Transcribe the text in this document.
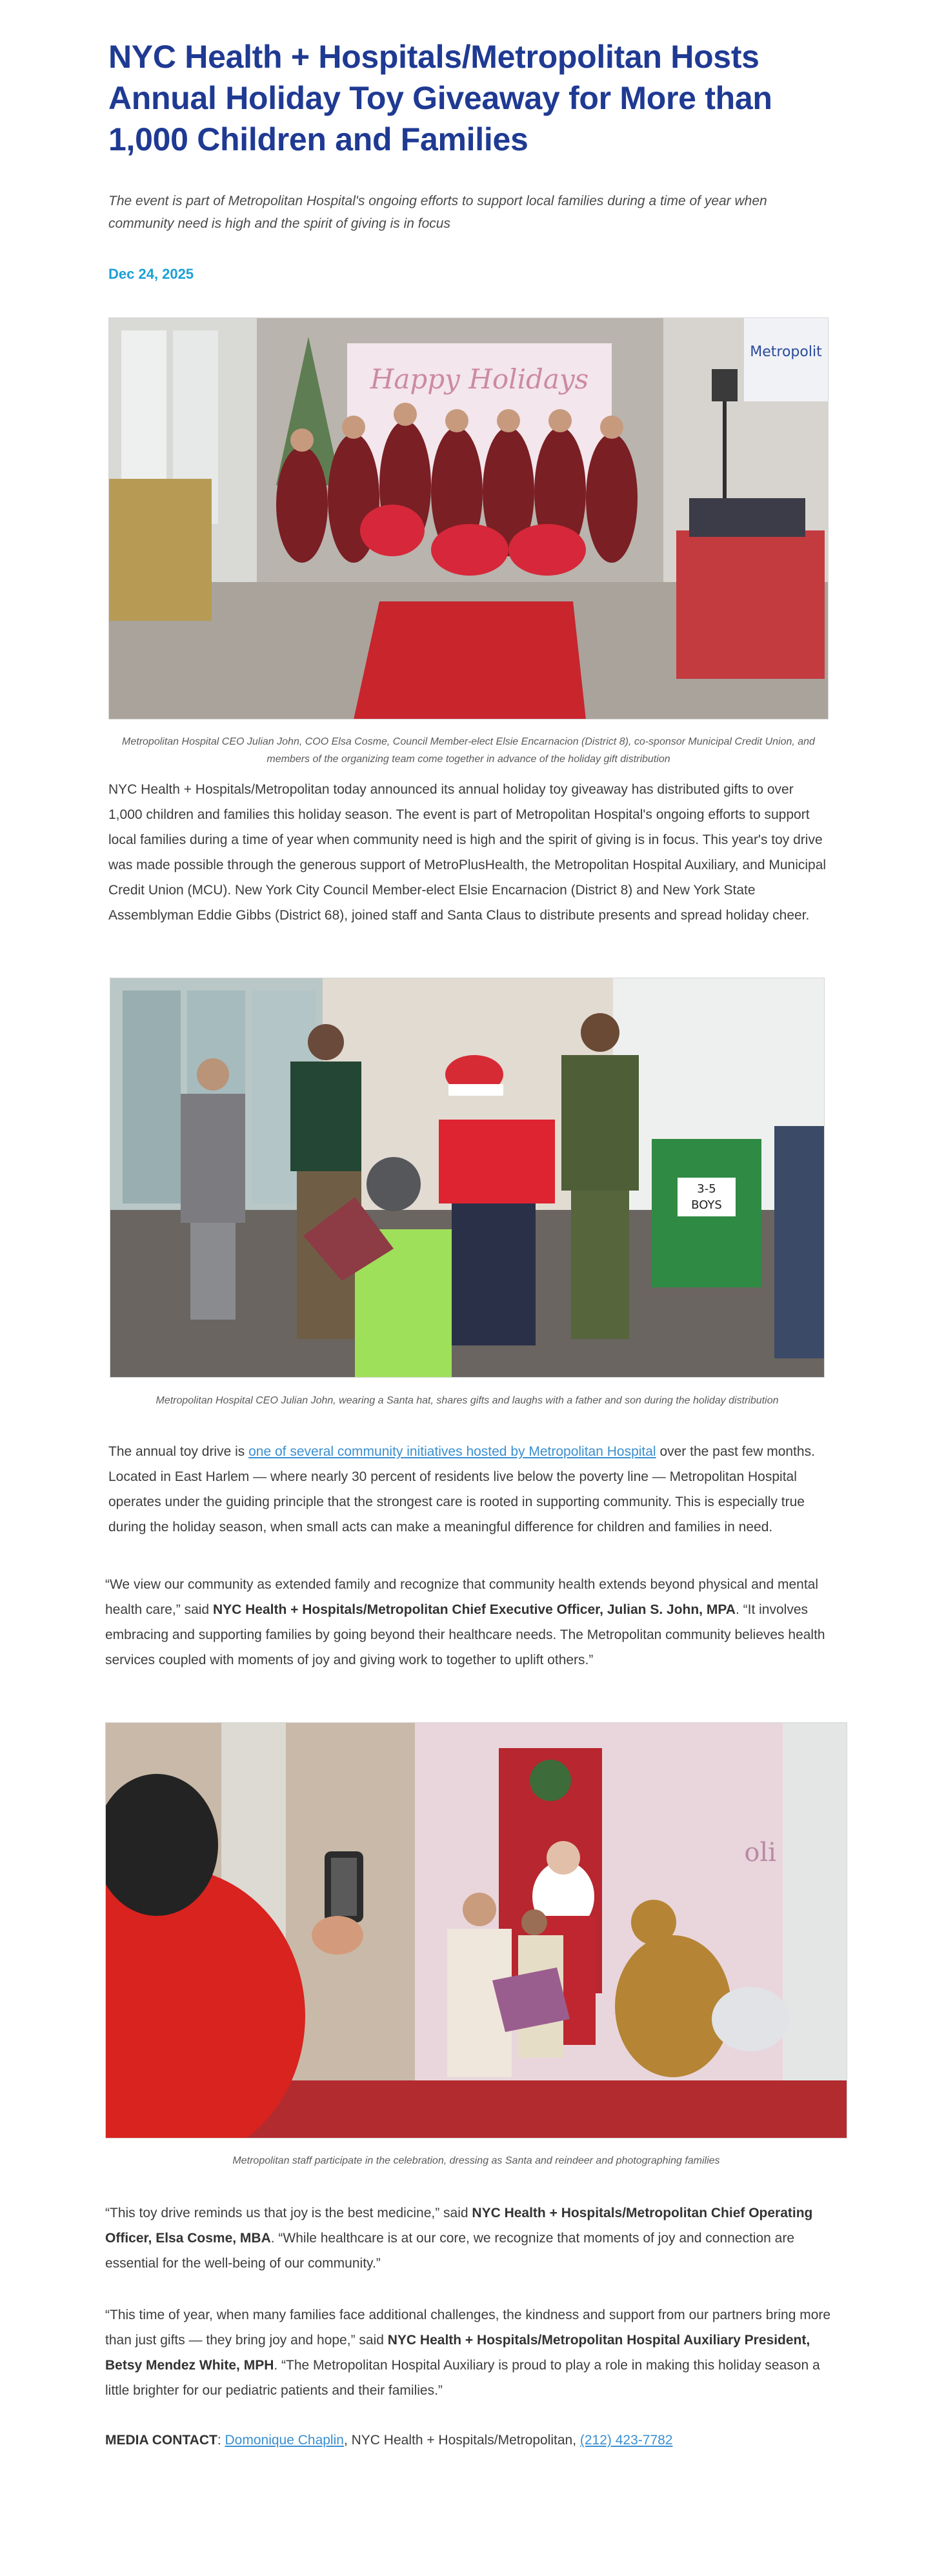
NYC Health + Hospitals/Metropolitan Hosts Annual Holiday Toy Giveaway for More than 1,000 Children and Families

The event is part of Metropolitan Hospital's ongoing efforts to support local families during a time of year when community need is high and the spirit of giving is in focus

Dec 24, 2025
Happy Holidays
Metropolit

Metropolitan Hospital CEO Julian John, COO Elsa Cosme, Council Member-elect Elsie Encarnacion (District 8), co-sponsor Municipal Credit Union, and members of the organizing team come together in advance of the holiday gift distribution

NYC Health + Hospitals/Metropolitan today announced its annual holiday toy giveaway has distributed gifts to over 1,000 children and families this holiday season. The event is part of Metropolitan Hospital's ongoing efforts to support local families during a time of year when community need is high and the spirit of giving is in focus. This year's toy drive was made possible through the generous support of MetroPlusHealth, the Metropolitan Hospital Auxiliary, and Municipal Credit Union (MCU). New York City Council Member-elect Elsie Encarnacion (District 8) and New York State Assemblyman Eddie Gibbs (District 68), joined staff and Santa Claus to distribute presents and spread holiday cheer.

3-5
BOYS

Metropolitan Hospital CEO Julian John, wearing a Santa hat, shares gifts and laughs with a father and son during the holiday distribution

The annual toy drive is one of several community initiatives hosted by Metropolitan Hospital over the past few months. Located in East Harlem — where nearly 30 percent of residents live below the poverty line — Metropolitan Hospital operates under the guiding principle that the strongest care is rooted in supporting community. This is especially true during the holiday season, when small acts can make a meaningful difference for children and families in need.

“We view our community as extended family and recognize that community health extends beyond physical and mental health care,” said NYC Health + Hospitals/Metropolitan Chief Executive Officer, Julian S. John, MPA. “It involves embracing and supporting families by going beyond their healthcare needs. The Metropolitan community believes health services coupled with moments of joy and giving work to together to uplift others.”

oli

Metropolitan staff participate in the celebration, dressing as Santa and reindeer and photographing families

“This toy drive reminds us that joy is the best medicine,” said NYC Health + Hospitals/Metropolitan Chief Operating Officer, Elsa Cosme, MBA. “While healthcare is at our core, we recognize that moments of joy and connection are essential for the well-being of our community.”

“This time of year, when many families face additional challenges, the kindness and support from our partners bring more than just gifts — they bring joy and hope,” said NYC Health + Hospitals/Metropolitan Hospital Auxiliary President, Betsy Mendez White, MPH. “The Metropolitan Hospital Auxiliary is proud to play a role in making this holiday season a little brighter for our pediatric patients and their families.”

MEDIA CONTACT: Domonique Chaplin, NYC Health + Hospitals/Metropolitan, (212) 423-7782
